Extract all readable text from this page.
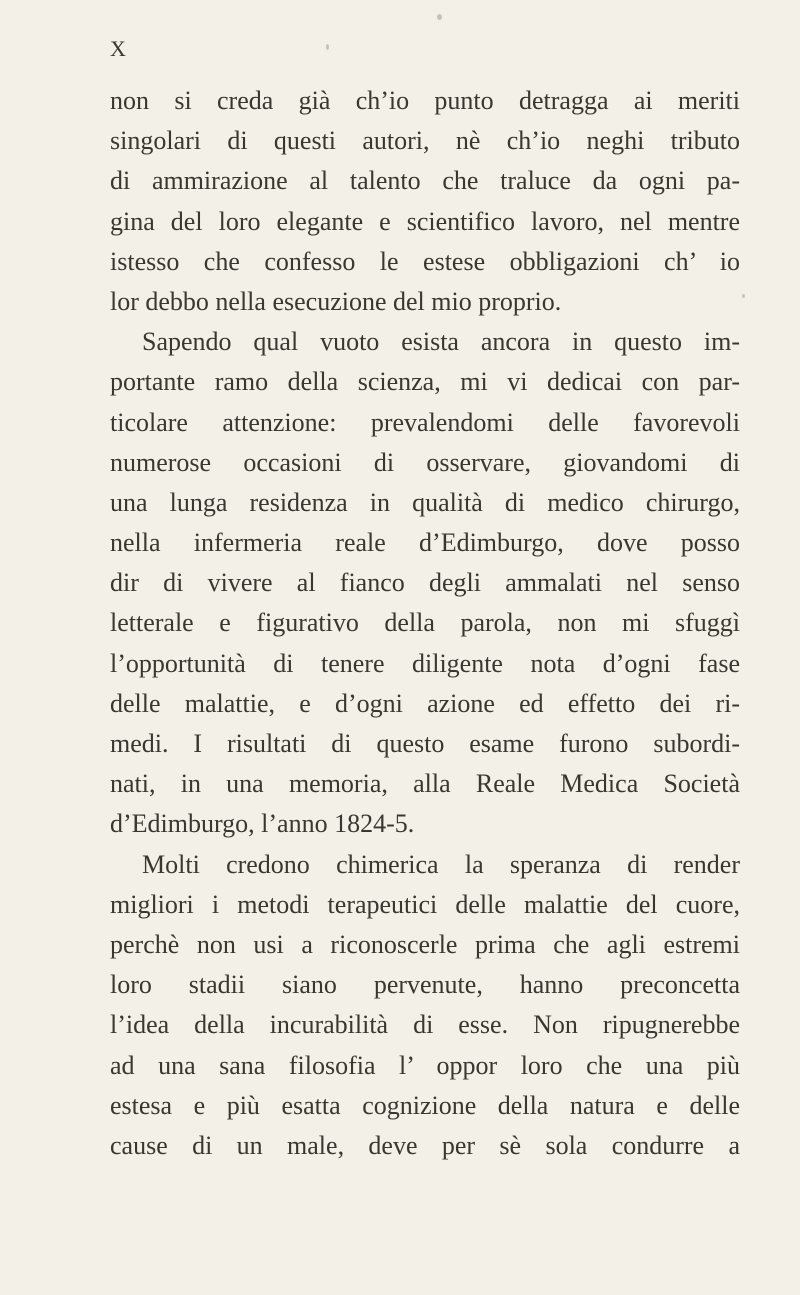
X
non si creda già ch’io punto detragga ai meriti
singolari di questi autori, nè ch’io neghi tributo
di ammirazione al talento che traluce da ogni pa-
gina del loro elegante e scientifico lavoro, nel mentre
istesso che confesso le estese obbligazioni ch’ io
lor debbo nella esecuzione del mio proprio.
Sapendo qual vuoto esista ancora in questo im-
portante ramo della scienza, mi vi dedicai con par-
ticolare attenzione: prevalendomi delle favorevoli
numerose occasioni di osservare, giovandomi di
una lunga residenza in qualità di medico chirurgo,
nella infermeria reale d’Edimburgo, dove posso
dir di vivere al fianco degli ammalati nel senso
letterale e figurativo della parola, non mi sfuggì
l’opportunità di tenere diligente nota d’ogni fase
delle malattie, e d’ogni azione ed effetto dei ri-
medi. I risultati di questo esame furono subordi-
nati, in una memoria, alla Reale Medica Società
d’Edimburgo, l’anno 1824-5.
Molti credono chimerica la speranza di render
migliori i metodi terapeutici delle malattie del cuore,
perchè non usi a riconoscerle prima che agli estremi
loro stadii siano pervenute, hanno preconcetta
l’idea della incurabilità di esse. Non ripugnerebbe
ad una sana filosofia l’ oppor loro che una più
estesa e più esatta cognizione della natura e delle
cause di un male, deve per sè sola condurre a
